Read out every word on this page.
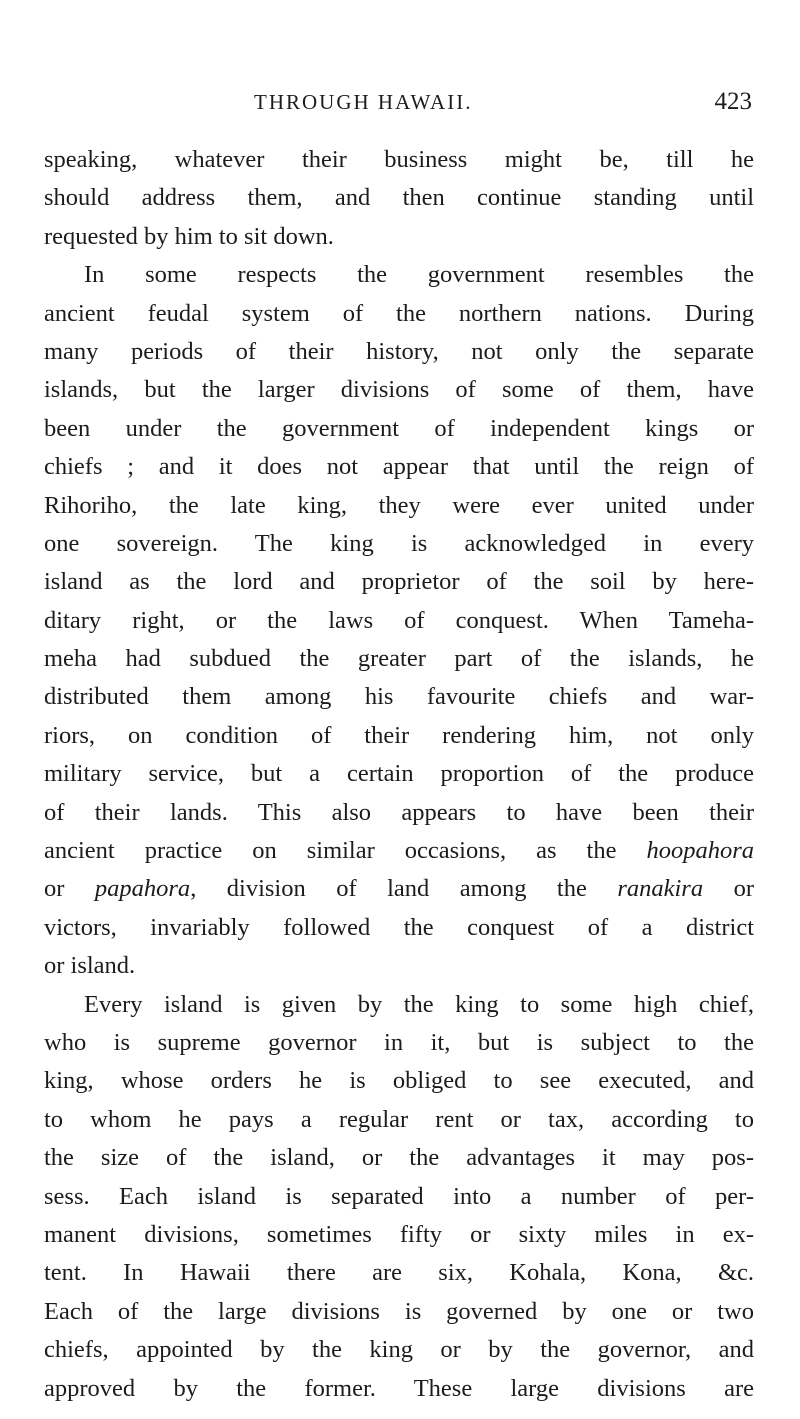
THROUGH HAWAII.	423
speaking, whatever their business might be, till he
should address them, and then continue standing until
requested by him to sit down.
In some respects the government resembles the
ancient feudal system of the northern nations. During
many periods of their history, not only the separate
islands, but the larger divisions of some of them, have
been under the government of independent kings or
chiefs ; and it does not appear that until the reign of
Rihoriho, the late king, they were ever united under
one sovereign. The king is acknowledged in every
island as the lord and proprietor of the soil by here-
ditary right, or the laws of conquest. When Tameha-
meha had subdued the greater part of the islands, he
distributed them among his favourite chiefs and war-
riors, on condition of their rendering him, not only
military service, but a certain proportion of the produce
of their lands. This also appears to have been their
ancient practice on similar occasions, as the hoopahora
or papahora, division of land among the ranakira or
victors, invariably followed the conquest of a district
or island.
Every island is given by the king to some high chief,
who is supreme governor in it, but is subject to the
king, whose orders he is obliged to see executed, and
to whom he pays a regular rent or tax, according to
the size of the island, or the advantages it may pos-
sess. Each island is separated into a number of per-
manent divisions, sometimes fifty or sixty miles in ex-
tent. In Hawaii there are six, Kohala, Kona, &c.
Each of the large divisions is governed by one or two
chiefs, appointed by the king or by the governor, and
approved by the former. These large divisions are
